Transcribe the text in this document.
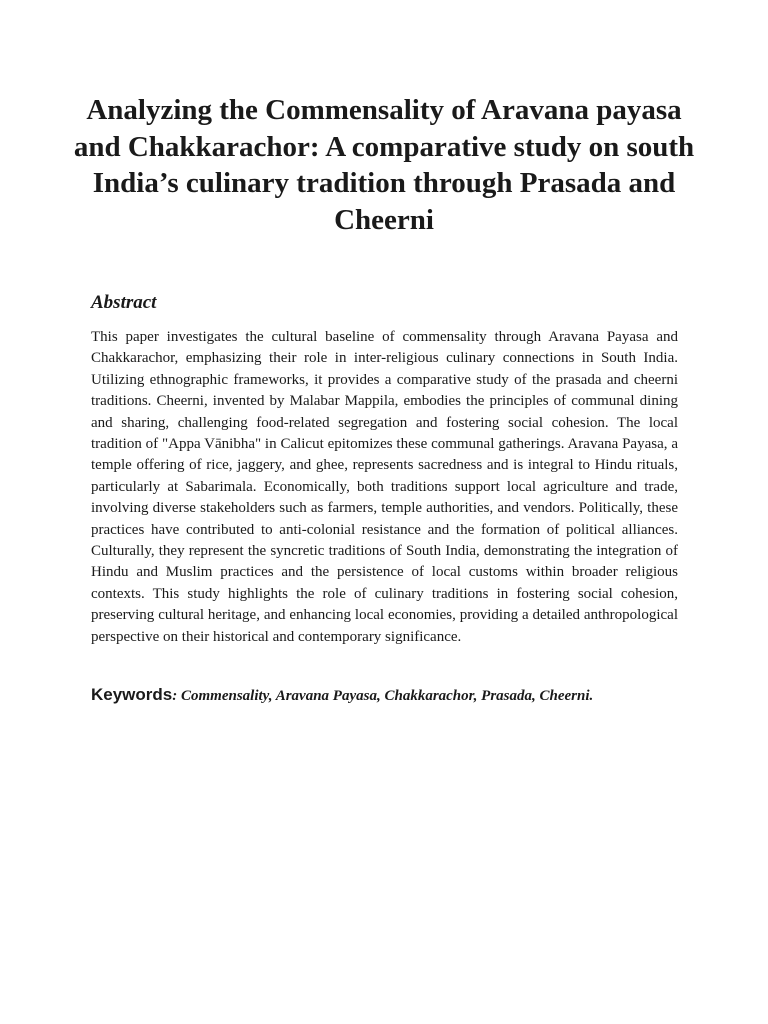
Analyzing the Commensality of Aravana payasa and Chakkarachor: A comparative study on south India’s culinary tradition through Prasada and Cheerni
Abstract

This paper investigates the cultural baseline of commensality through Aravana Payasa and Chakkarachor, emphasizing their role in inter-religious culinary connections in South India. Utilizing ethnographic frameworks, it provides a comparative study of the prasada and cheerni traditions. Cheerni, invented by Malabar Mappila, embodies the principles of communal dining and sharing, challenging food-related segregation and fostering social cohesion. The local tradition of "Appa Vānibha" in Calicut epitomizes these communal gatherings. Aravana Payasa, a temple offering of rice, jaggery, and ghee, represents sacredness and is integral to Hindu rituals, particularly at Sabarimala. Economically, both traditions support local agriculture and trade, involving diverse stakeholders such as farmers, temple authorities, and vendors. Politically, these practices have contributed to anti-colonial resistance and the formation of political alliances. Culturally, they represent the syncretic traditions of South India, demonstrating the integration of Hindu and Muslim practices and the persistence of local customs within broader religious contexts. This study highlights the role of culinary traditions in fostering social cohesion, preserving cultural heritage, and enhancing local economies, providing a detailed anthropological perspective on their historical and contemporary significance.

Keywords: Commensality, Aravana Payasa, Chakkarachor, Prasada, Cheerni.
